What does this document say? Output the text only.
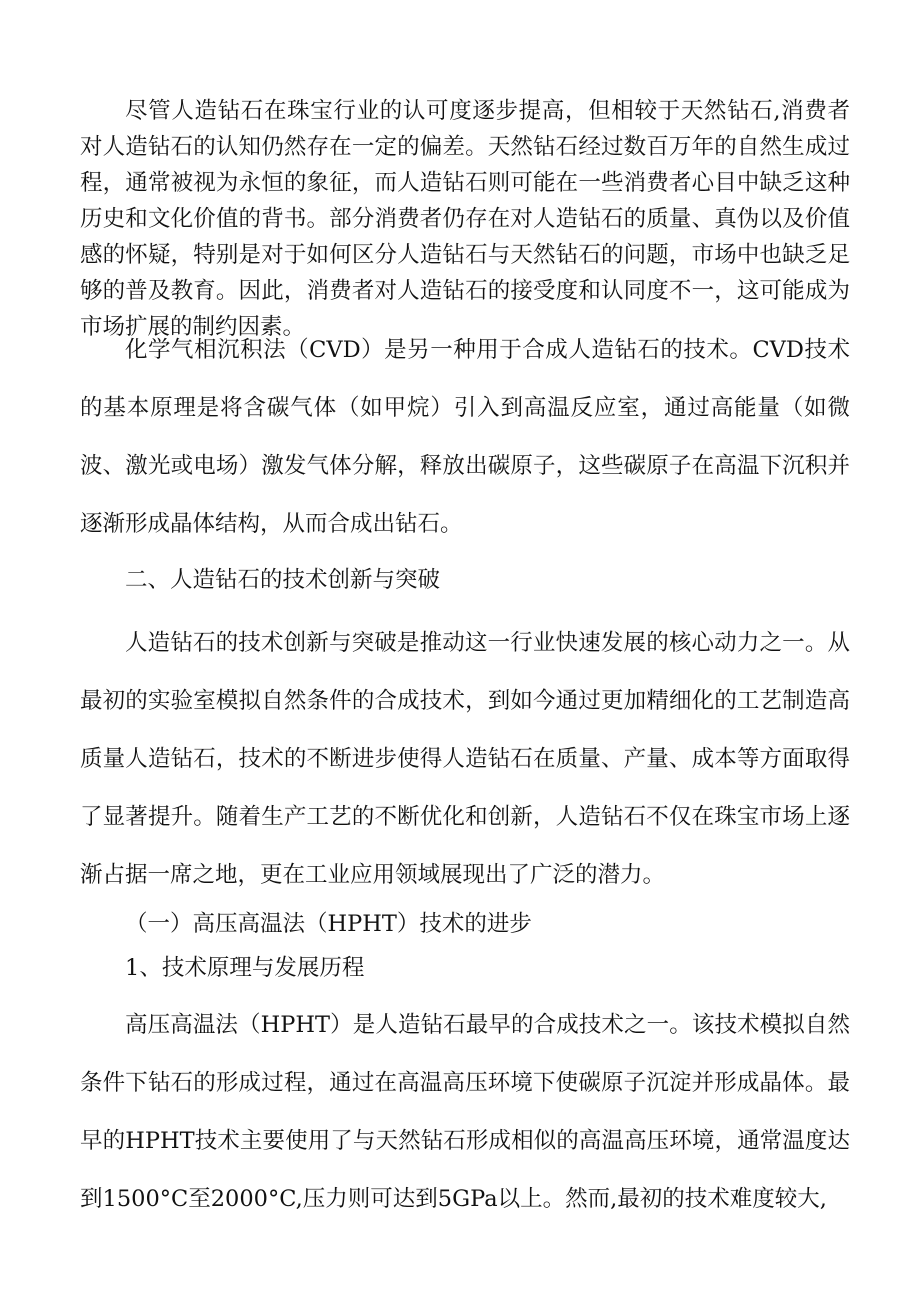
尽管人造钻石在珠宝行业的认可度逐步提高，但相较于天然钻石,消费者对人造钻石的认知仍然存在一定的偏差。天然钻石经过数百万年的自然生成过程，通常被视为永恒的象征，而人造钻石则可能在一些消费者心目中缺乏这种历史和文化价值的背书。部分消费者仍存在对人造钻石的质量、真伪以及价值感的怀疑，特别是对于如何区分人造钻石与天然钻石的问题，市场中也缺乏足够的普及教育。因此，消费者对人造钻石的接受度和认同度不一，这可能成为市场扩展的制约因素。

化学气相沉积法（CVD）是另一种用于合成人造钻石的技术。CVD技术的基本原理是将含碳气体（如甲烷）引入到高温反应室，通过高能量（如微波、激光或电场）激发气体分解，释放出碳原子，这些碳原子在高温下沉积并逐渐形成晶体结构，从而合成出钻石。

二、人造钻石的技术创新与突破

人造钻石的技术创新与突破是推动这一行业快速发展的核心动力之一。从最初的实验室模拟自然条件的合成技术，到如今通过更加精细化的工艺制造高质量人造钻石，技术的不断进步使得人造钻石在质量、产量、成本等方面取得了显著提升。随着生产工艺的不断优化和创新，人造钻石不仅在珠宝市场上逐渐占据一席之地，更在工业应用领域展现出了广泛的潜力。

（一）高压高温法（HPHT）技术的进步
1、技术原理与发展历程

高压高温法（HPHT）是人造钻石最早的合成技术之一。该技术模拟自然条件下钻石的形成过程，通过在高温高压环境下使碳原子沉淀并形成晶体。最早的HPHT技术主要使用了与天然钻石形成相似的高温高压环境，通常温度达到1500°C至2000°C,压力则可达到5GPa以上。然而,最初的技术难度较大,
